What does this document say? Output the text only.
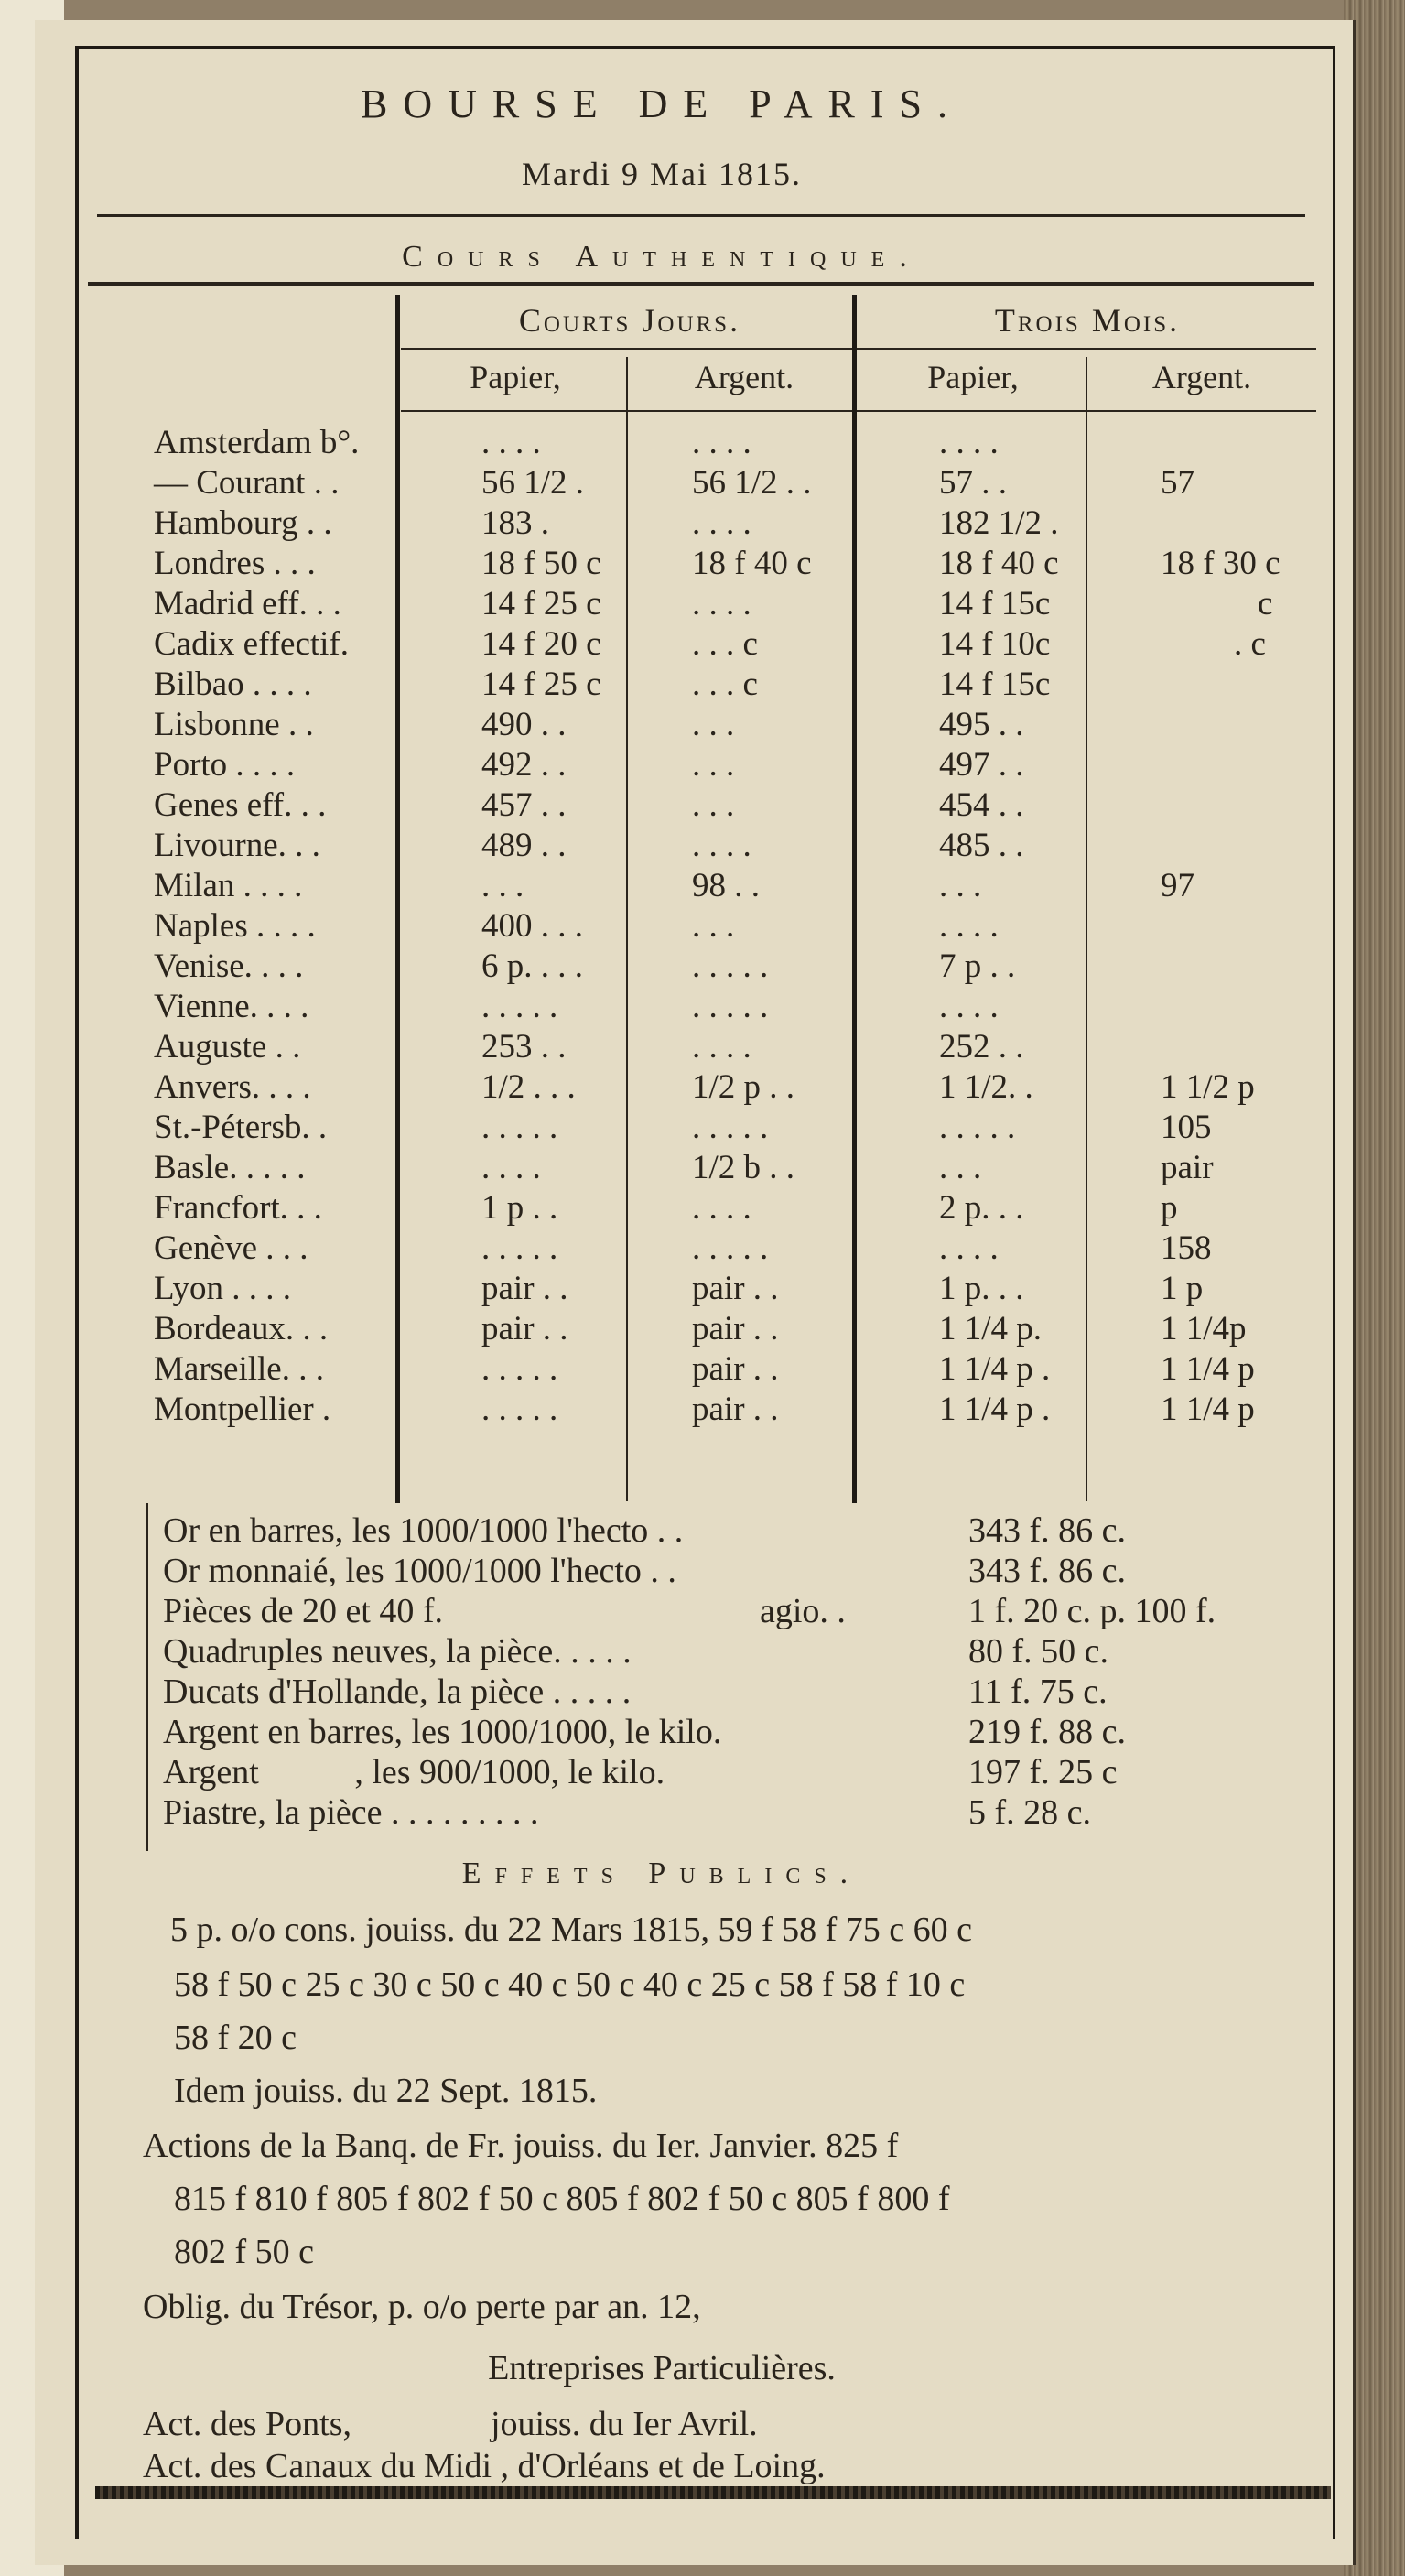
BOURSE DE PARIS.
Mardi 9 Mai 1815.
Cours Authentique.
Courts Jours.	Trois Mois.
Papier,	Argent.	Papier,	Argent.
Amsterdam b°.	. . . .	. . . .	. . . .
— Courant . .	56 1/2 .	56 1/2 . .	57 . .	57
Hambourg . .	183 .	. . . .	182 1/2 .
Londres . . .	18 f 50 c	18 f 40 c	18 f 40 c	18 f 30 c
Madrid eff. . .	14 f 25 c	. . . .	14 f 15c	c
Cadix effectif.	14 f 20 c	. . . c	14 f 10c	. c
Bilbao . . . .	14 f 25 c	. . . c	14 f 15c
Lisbonne . .	490 . .	. . .	495 . .
Porto . . . .	492 . .	. . .	497 . .
Genes eff. . .	457 . .	. . .	454 . .
Livourne. . .	489 . .	. . . .	485 . .
Milan . . . .	. . .	98 . .	. . .	97
Naples . . . .	400 . . .	. . .	. . . .
Venise. . . .	6 p. . . .	. . . . .	7 p . .
Vienne. . . .	. . . . .	. . . . .	. . . .
Auguste . .	253 . .	. . . .	252 . .
Anvers. . . .	1/2 . . .	1/2 p . .	1 1/2. .	1 1/2 p
St.-Pétersb. .	. . . . .	. . . . .	. . . . .	105
Basle. . . . .	. . . .	1/2 b . .	. . .	pair
Francfort. . .	1 p . .	. . . .	2 p. . .	p
Genève . . .	. . . . .	. . . . .	. . . .	158
Lyon . . . .	pair . .	pair . .	1 p. . .	1 p
Bordeaux. . .	pair . .	pair . .	1 1/4 p.	1 1/4p
Marseille. . .	. . . . .	pair . .	1 1/4 p .	1 1/4 p
Montpellier .	. . . . .	pair . .	1 1/4 p .	1 1/4 p
Or en barres, les 1000/1000 l'hecto . .	343 f. 86 c.
Or monnaié, les 1000/1000 l'hecto . .	343 f. 86 c.
Pièces de 20 et 40 f.	agio. .	1 f. 20 c. p. 100 f.
Quadruples neuves, la pièce. . . . .	80 f. 50 c.
Ducats d'Hollande, la pièce . . . . .	11 f. 75 c.
Argent en barres, les 1000/1000, le kilo.	219 f. 88 c.
Argent           , les 900/1000, le kilo.	197 f. 25 c
Piastre, la pièce . . . . . . . . .	5 f. 28 c.
Effets Publics.
5 p. o/o cons. jouiss. du 22 Mars 1815, 59 f 58 f 75 c 60 c
58 f 50 c 25 c 30 c 50 c 40 c 50 c 40 c 25 c 58 f 58 f 10 c
58 f 20 c
Idem jouiss. du 22 Sept. 1815.
Actions de la Banq. de Fr. jouiss. du Ier. Janvier. 825 f
815 f 810 f 805 f 802 f 50 c 805 f 802 f 50 c 805 f 800 f
802 f 50 c
Oblig. du Trésor, p. o/o perte par an. 12,
Entreprises Particulières.
Act. des Ponts,                jouiss. du Ier Avril.
Act. des Canaux du Midi , d'Orléans et de Loing.
